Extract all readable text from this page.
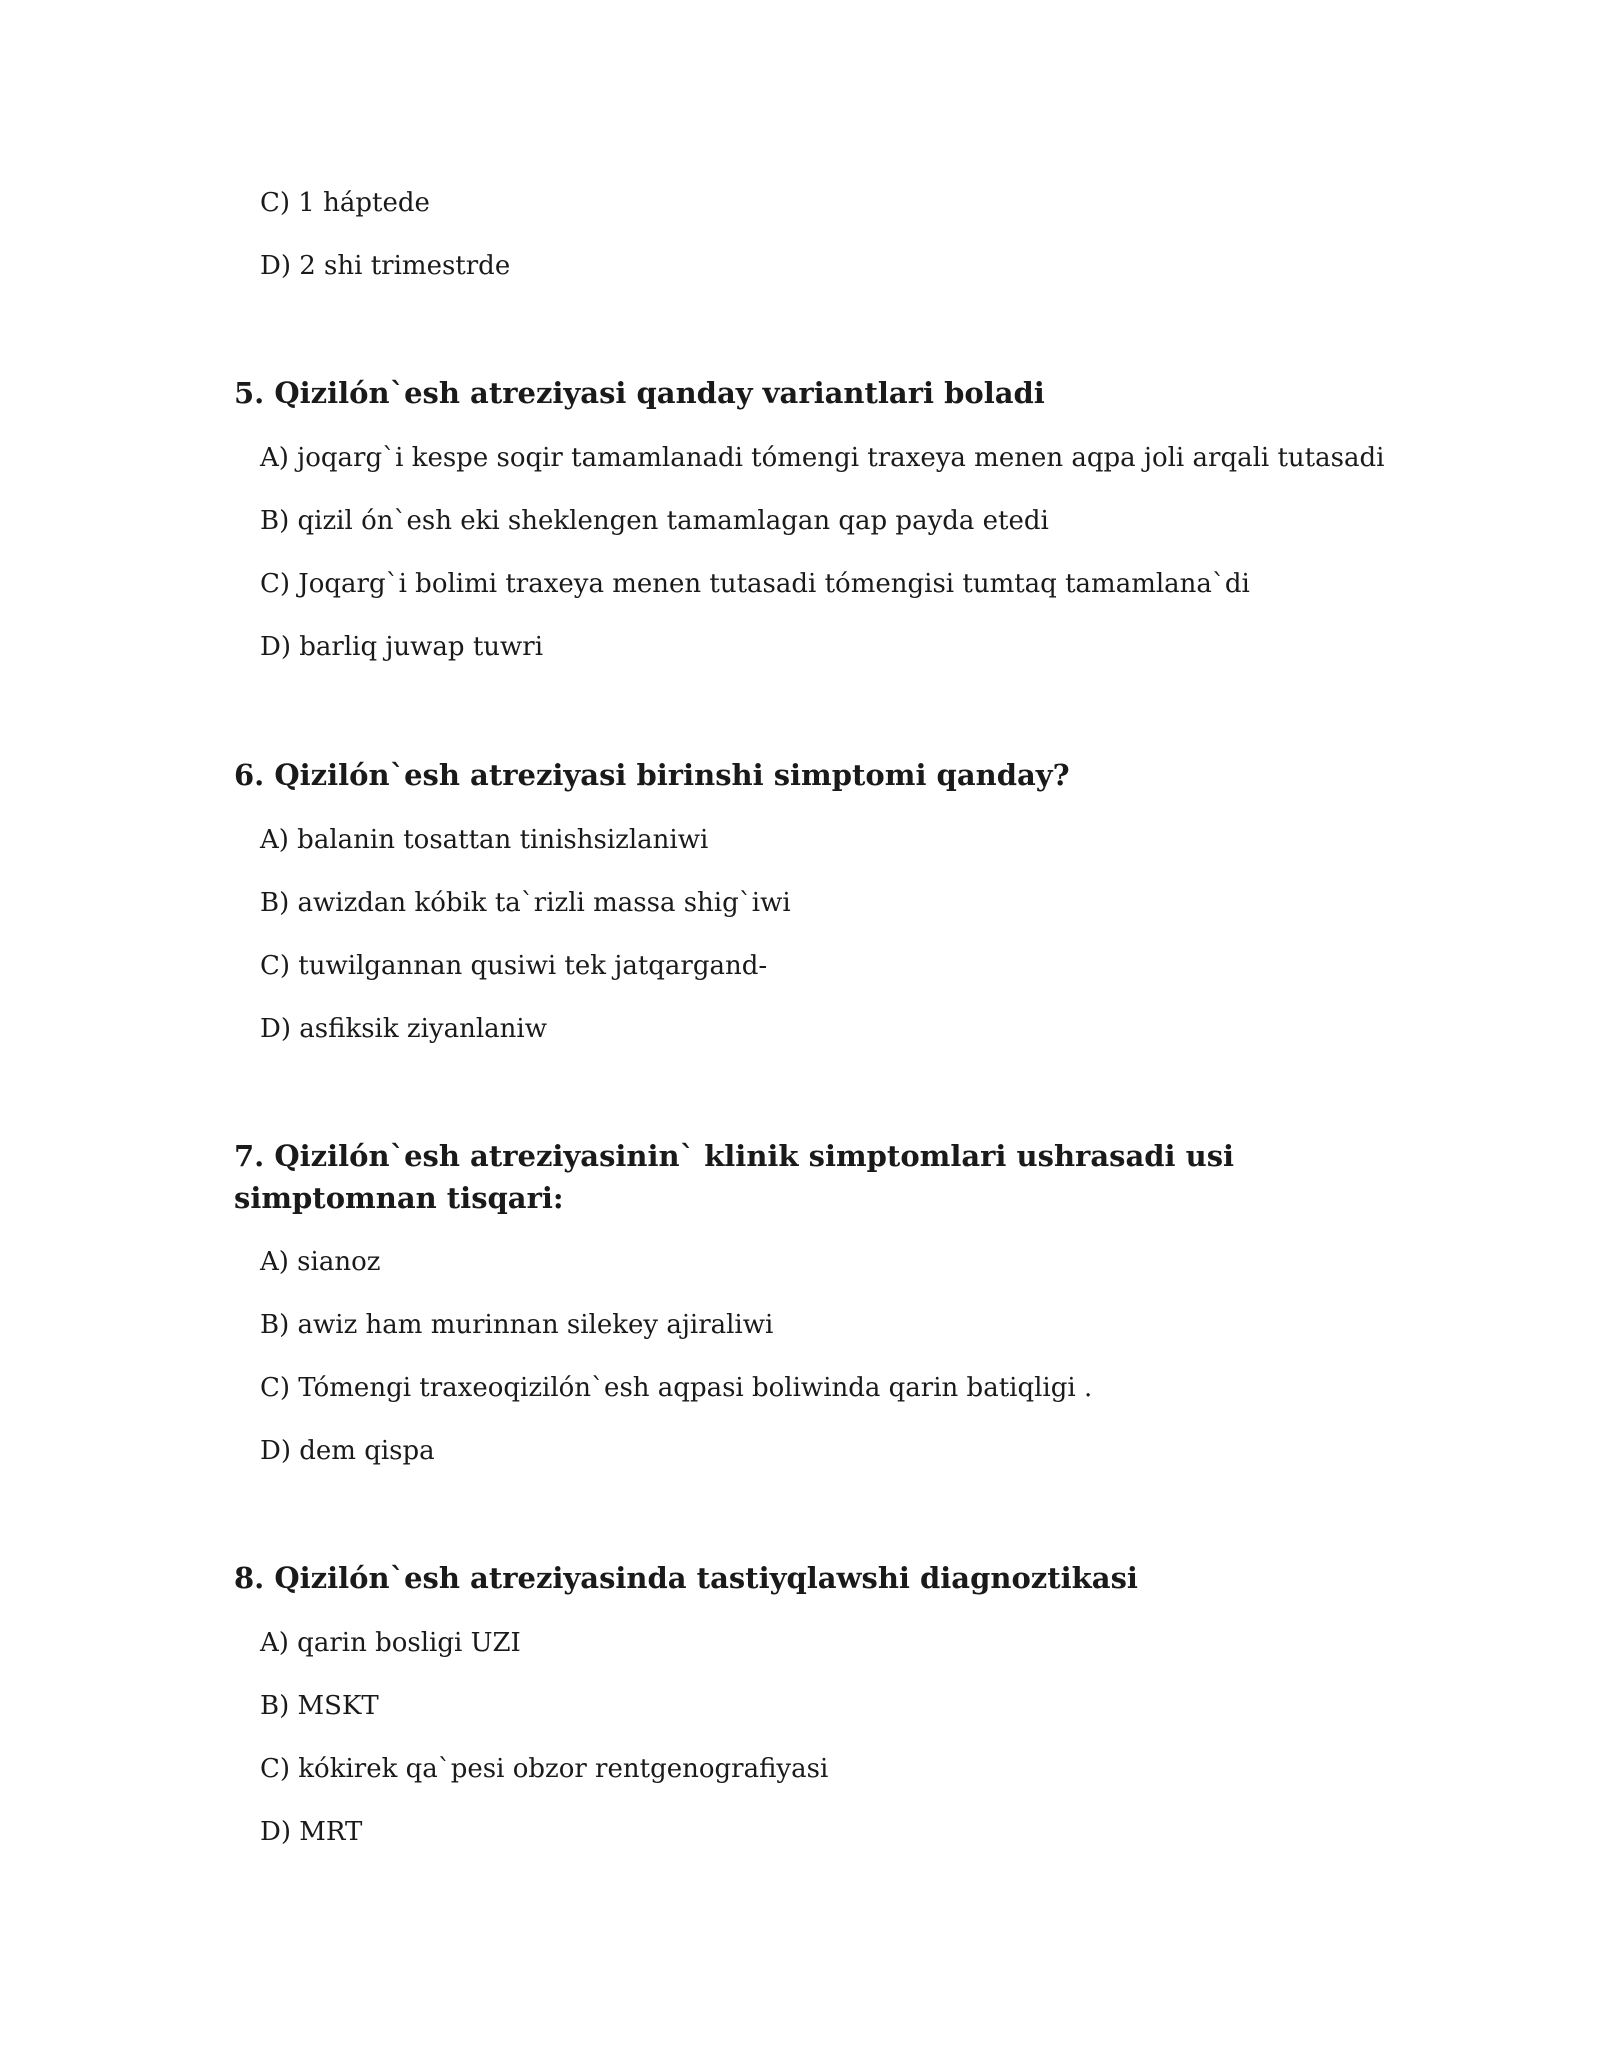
C) 1 háptede
D) 2 shi trimestrde
5. Qizilón`esh atreziyasi qanday variantlari boladi
A) joqarg`i kespe soqir tamamlanadi tómengi traxeya menen aqpa joli arqali tutasadi
B) qizil ón`esh eki sheklengen tamamlagan qap payda etedi
C) Joqarg`i bolimi traxeya menen tutasadi tómengisi tumtaq tamamlana`di
D) barliq juwap tuwri
6. Qizilón`esh atreziyasi birinshi simptomi qanday?
A) balanin tosattan tinishsizlaniwi
B) awizdan kóbik ta`rizli massa shig`iwi
C) tuwilgannan qusiwi tek jatqargand-
D) asfiksik ziyanlaniw
7. Qizilón`esh atreziyasinin` klinik simptomlari ushrasadi usi simptomnan tisqari:
A) sianoz
B) awiz ham murinnan silekey ajiraliwi
C) Tómengi traxeoqizilón`esh aqpasi boliwinda qarin batiqligi .
D) dem qispa
8. Qizilón`esh atreziyasinda tastiyqlawshi diagnoztikasi
A) qarin bosligi UZI
B) MSKT
C) kókirek qa`pesi obzor rentgenografiyasi
D) MRT
